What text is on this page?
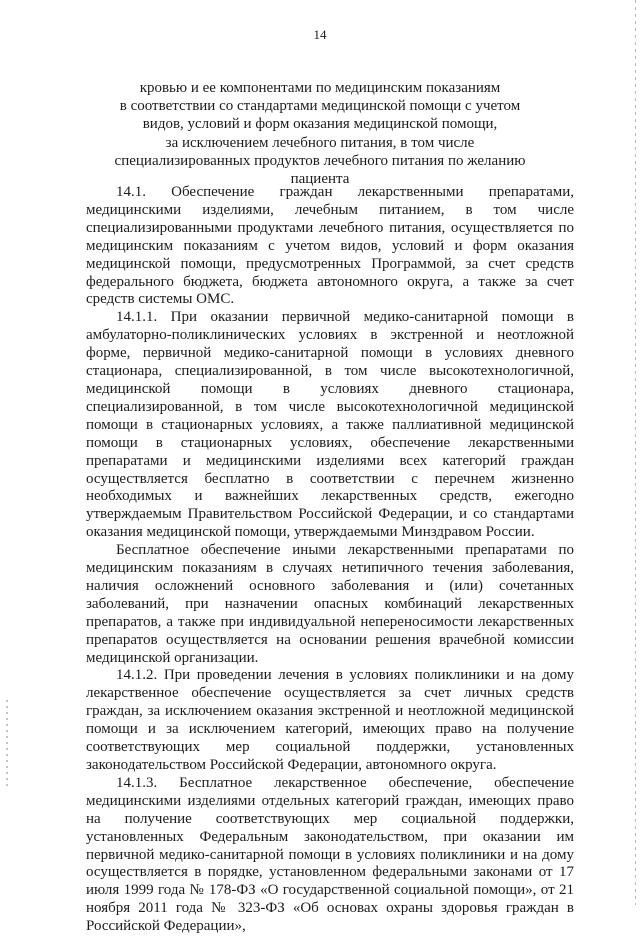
14
кровью и ее компонентами по медицинским показаниям
в соответствии со стандартами медицинской помощи с учетом
видов, условий и форм оказания медицинской помощи,
за исключением лечебного питания, в том числе
специализированных продуктов лечебного питания по желанию
пациента

14.1. Обеспечение граждан лекарственными препаратами, медицинскими изделиями, лечебным питанием, в том числе специализированными продуктами лечебного питания, осуществляется по медицинским показаниям с учетом видов, условий и форм оказания медицинской помощи, предусмотренных Программой, за счет средств федерального бюджета, бюджета автономного округа, а также за счет средств системы ОМС.

14.1.1. При оказании первичной медико-санитарной помощи в амбулаторно-поликлинических условиях в экстренной и неотложной форме, первичной медико-санитарной помощи в условиях дневного стационара, специализированной, в том числе высокотехнологичной, медицинской помощи в условиях дневного стационара, специализированной, в том числе высокотехнологичной медицинской помощи в стационарных условиях, а также паллиативной медицинской помощи в стационарных условиях, обеспечение лекарственными препаратами и медицинскими изделиями всех категорий граждан осуществляется бесплатно в соответствии с перечнем жизненно необходимых и важнейших лекарственных средств, ежегодно утверждаемым Правительством Российской Федерации, и со стандартами оказания медицинской помощи, утверждаемыми Минздравом России.

Бесплатное обеспечение иными лекарственными препаратами по медицинским показаниям в случаях нетипичного течения заболевания, наличия осложнений основного заболевания и (или) сочетанных заболеваний, при назначении опасных комбинаций лекарственных препаратов, а также при индивидуальной непереносимости лекарственных препаратов осуществляется на основании решения врачебной комиссии медицинской организации.

14.1.2. При проведении лечения в условиях поликлиники и на дому лекарственное обеспечение осуществляется за счет личных средств граждан, за исключением оказания экстренной и неотложной медицинской помощи и за исключением категорий, имеющих право на получение соответствующих мер социальной поддержки, установленных законодательством Российской Федерации, автономного округа.

14.1.3. Бесплатное лекарственное обеспечение, обеспечение медицинскими изделиями отдельных категорий граждан, имеющих право на получение соответствующих мер социальной поддержки, установленных Федеральным законодательством, при оказании им первичной медико-санитарной помощи в условиях поликлиники и на дому осуществляется в порядке, установленном федеральными законами от 17 июля 1999 года № 178-ФЗ «О государственной социальной помощи», от 21 ноября 2011 года № 323-ФЗ «Об основах охраны здоровья граждан в Российской Федерации»,
